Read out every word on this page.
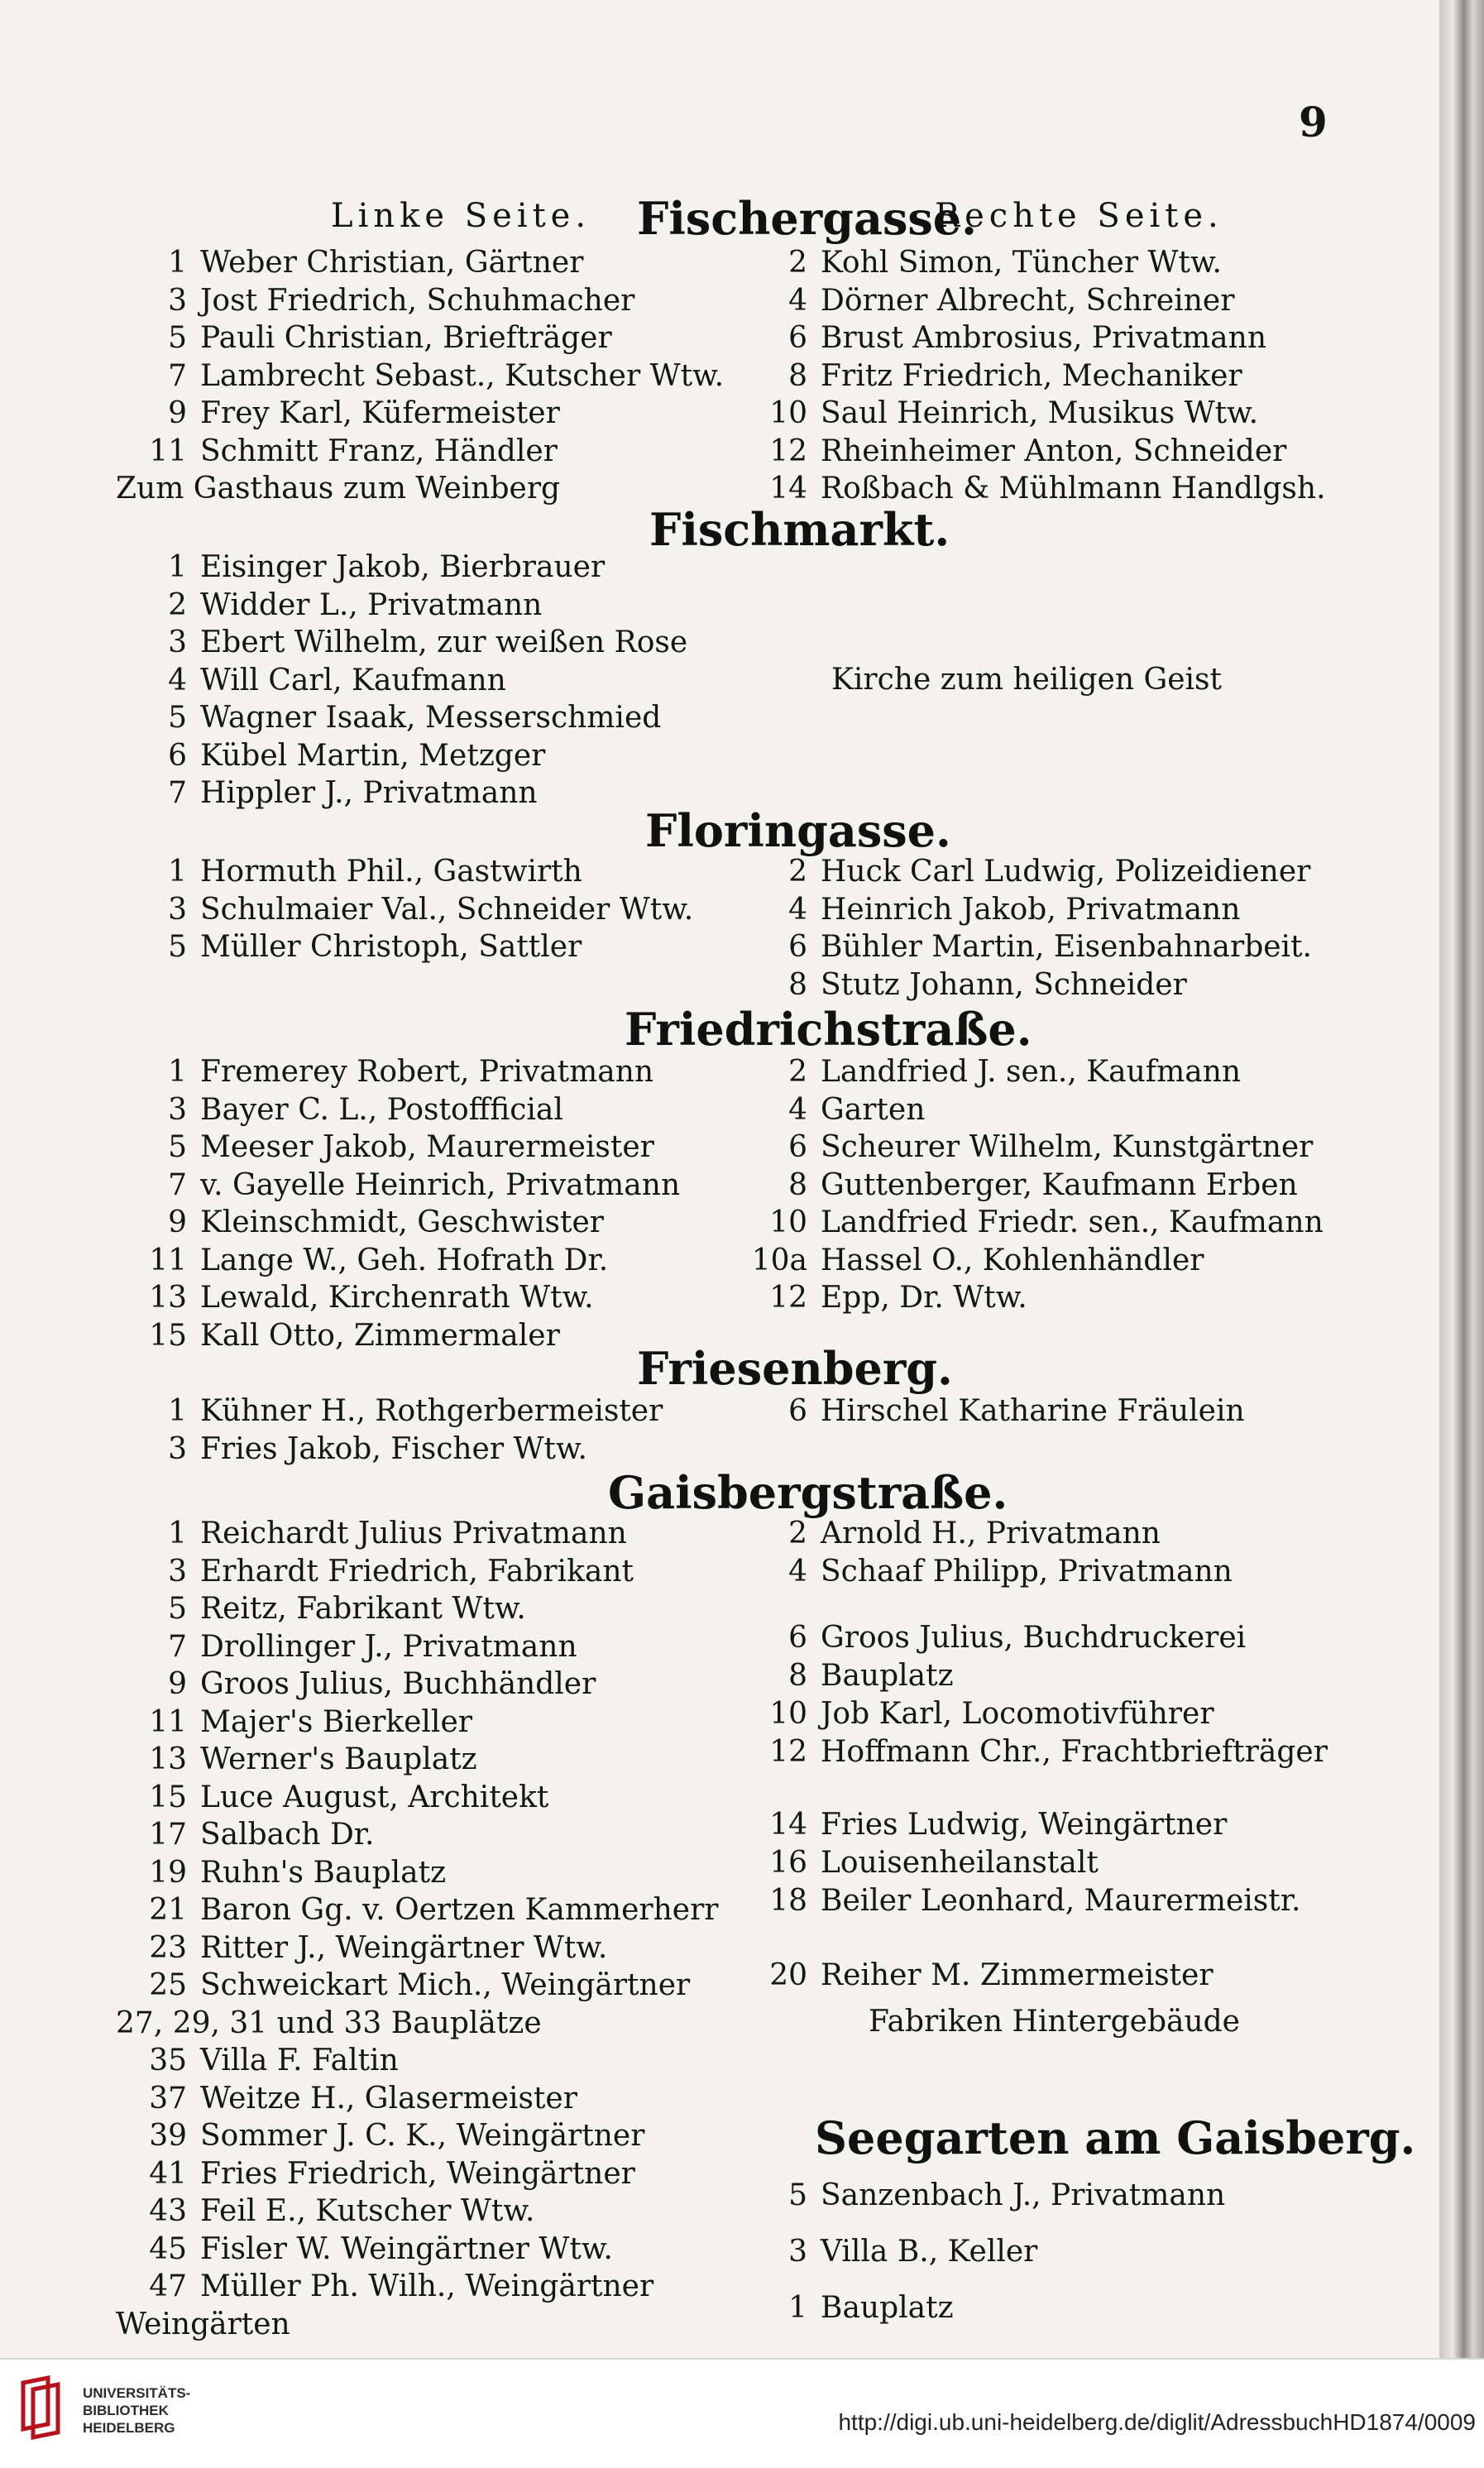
9
Linke Seite.	Rechte Seite.
Fischergasse.
1 Weber Christian, Gärtner
3 Jost Friedrich, Schuhmacher
5 Pauli Christian, Briefträger
7 Lambrecht Sebast., Kutscher Wtw.
9 Frey Karl, Küfermeister
11 Schmitt Franz, Händler
Zum Gasthaus zum Weinberg
2 Kohl Simon, Tüncher Wtw.
4 Dörner Albrecht, Schreiner
6 Brust Ambrosius, Privatmann
8 Fritz Friedrich, Mechaniker
10 Saul Heinrich, Musikus Wtw.
12 Rheinheimer Anton, Schneider
14 Roßbach & Mühlmann Handlgsh.
Fischmarkt.
1 Eisinger Jakob, Bierbrauer
2 Widder L., Privatmann
3 Ebert Wilhelm, zur weißen Rose
4 Will Carl, Kaufmann
5 Wagner Isaak, Messerschmied
6 Kübel Martin, Metzger
7 Hippler J., Privatmann
Kirche zum heiligen Geist
Floringasse.
1 Hormuth Phil., Gastwirth
3 Schulmaier Val., Schneider Wtw.
5 Müller Christoph, Sattler
2 Huck Carl Ludwig, Polizeidiener
4 Heinrich Jakob, Privatmann
6 Bühler Martin, Eisenbahnarbeit.
8 Stutz Johann, Schneider
Friedrichstraße.
1 Fremerey Robert, Privatmann
3 Bayer C. L., Postoffficial
5 Meeser Jakob, Maurermeister
7 v. Gayelle Heinrich, Privatmann
9 Kleinschmidt, Geschwister
11 Lange W., Geh. Hofrath Dr.
13 Lewald, Kirchenrath Wtw.
15 Kall Otto, Zimmermaler
2 Landfried J. sen., Kaufmann
4 Garten
6 Scheurer Wilhelm, Kunstgärtner
8 Guttenberger, Kaufmann Erben
10 Landfried Friedr. sen., Kaufmann
10a Hassel O., Kohlenhändler
12 Epp, Dr. Wtw.
Friesenberg.
1 Kühner H., Rothgerbermeister
3 Fries Jakob, Fischer Wtw.
6 Hirschel Katharine Fräulein
Gaisbergstraße.
1 Reichardt Julius Privatmann
3 Erhardt Friedrich, Fabrikant
5 Reitz, Fabrikant Wtw.
7 Drollinger J., Privatmann
9 Groos Julius, Buchhändler
11 Majer's Bierkeller
13 Werner's Bauplatz
15 Luce August, Architekt
17 Salbach Dr.
19 Ruhn's Bauplatz
21 Baron Gg. v. Oertzen Kammerherr
23 Ritter J., Weingärtner Wtw.
25 Schweickart Mich., Weingärtner
27, 29, 31 und 33 Bauplätze
35 Villa F. Faltin
37 Weitze H., Glasermeister
39 Sommer J. C. K., Weingärtner
41 Fries Friedrich, Weingärtner
43 Feil E., Kutscher Wtw.
45 Fisler W. Weingärtner Wtw.
47 Müller Ph. Wilh., Weingärtner
Weingärten
2 Arnold H., Privatmann
4 Schaaf Philipp, Privatmann
6 Groos Julius, Buchdruckerei
8 Bauplatz
10 Job Karl, Locomotivführer
12 Hoffmann Chr., Frachtbriefträger
14 Fries Ludwig, Weingärtner
16 Louisenheilanstalt
18 Beiler Leonhard, Maurermeistr.
20 Reiher M. Zimmermeister
Fabriken Hintergebäude
Seegarten am Gaisberg.
5 Sanzenbach J., Privatmann
3 Villa B., Keller
1 Bauplatz
UNIVERSITÄTS-
BIBLIOTHEK
HEIDELBERG	http://digi.ub.uni-heidelberg.de/diglit/AdressbuchHD1874/0009
